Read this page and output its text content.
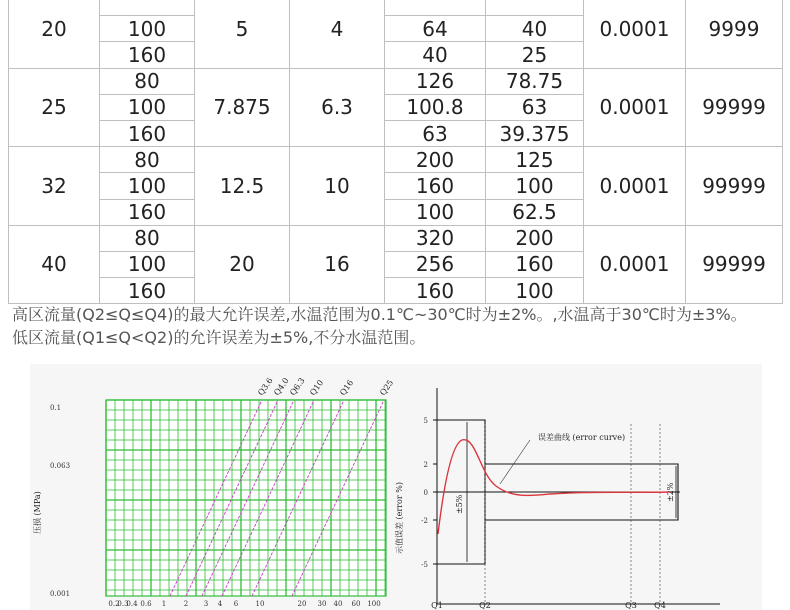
20		5	4			0.0001	9999
	100			64	40		
	160			40	25		
25	80	7.875	6.3	126	78.75	0.0001	99999
	100			100.8	63		
	160			63	39.375		
32	80	12.5	10	200	125	0.0001	99999
	100			160	100		
	160			100	62.5		
40	80	20	16	320	200	0.0001	99999
	100			256	160		
	160			160	100		
高区流量(Q2≤Q≤Q4)的最大允许误差,水温范围为0.1℃~30℃时为±2%。,水温高于30℃时为±3%。
低区流量(Q1≤Q<Q2)的允许误差为±5%,不分水温范围。
Q3.6
Q4.0
Q6.3 Q10 Q16	Q25
0.1
0.063
0.001
压损 (MPa)
0.2
0.3
0.4 0.6 1	2 3 4 6 10	20 30 40 60 100
5
2
0
-2
-5
示值误差 (error %)	±5%
±2%
误差曲线 (error curve)
Q1	Q2	Q3 Q4
